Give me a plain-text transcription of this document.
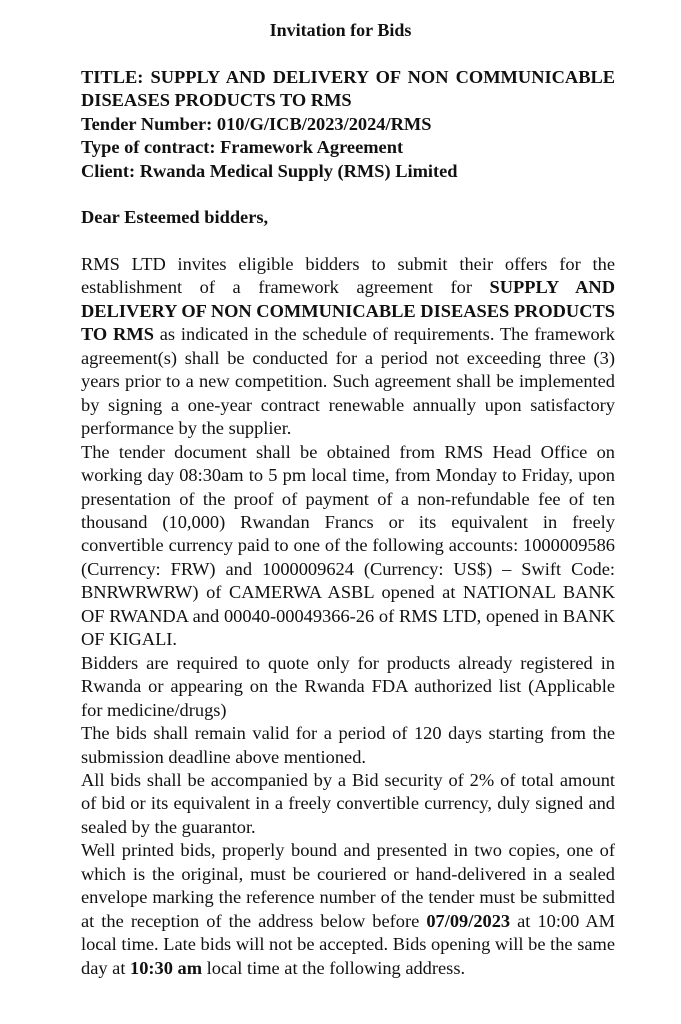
Invitation for Bids

TITLE: SUPPLY AND DELIVERY OF NON COMMUNICABLE DISEASES PRODUCTS TO RMS

Tender Number: 010/G/ICB/2023/2024/RMS

Type of contract: Framework Agreement

Client: Rwanda Medical Supply (RMS) Limited

Dear Esteemed bidders,

RMS LTD invites eligible bidders to submit their offers for the establishment of a framework agreement for SUPPLY AND DELIVERY OF NON COMMUNICABLE DISEASES PRODUCTS TO RMS as indicated in the schedule of requirements. The framework agreement(s) shall be conducted for a period not exceeding three (3) years prior to a new competition. Such agreement shall be implemented by signing a one-year contract renewable annually upon satisfactory performance by the supplier.

The tender document shall be obtained from RMS Head Office on working day 08:30am to 5 pm local time, from Monday to Friday, upon presentation of the proof of payment of a non-refundable fee of ten thousand (10,000) Rwandan Francs or its equivalent in freely convertible currency paid to one of the following accounts: 1000009586 (Currency: FRW) and 1000009624 (Currency: US$) – Swift Code: BNRWRWRW) of CAMERWA ASBL opened at NATIONAL BANK OF RWANDA and 00040-00049366-26 of RMS LTD, opened in BANK OF KIGALI.

Bidders are required to quote only for products already registered in Rwanda or appearing on the Rwanda FDA authorized list (Applicable for medicine/drugs)

The bids shall remain valid for a period of 120 days starting from the submission deadline above mentioned.

All bids shall be accompanied by a Bid security of 2% of total amount of bid or its equivalent in a freely convertible currency, duly signed and sealed by the guarantor.

Well printed bids, properly bound and presented in two copies, one of which is the original, must be couriered or hand-delivered in a sealed envelope marking the reference number of the tender must be submitted at the reception of the address below before 07/09/2023 at 10:00 AM local time. Late bids will not be accepted. Bids opening will be the same day at 10:30 am local time at the following address.
